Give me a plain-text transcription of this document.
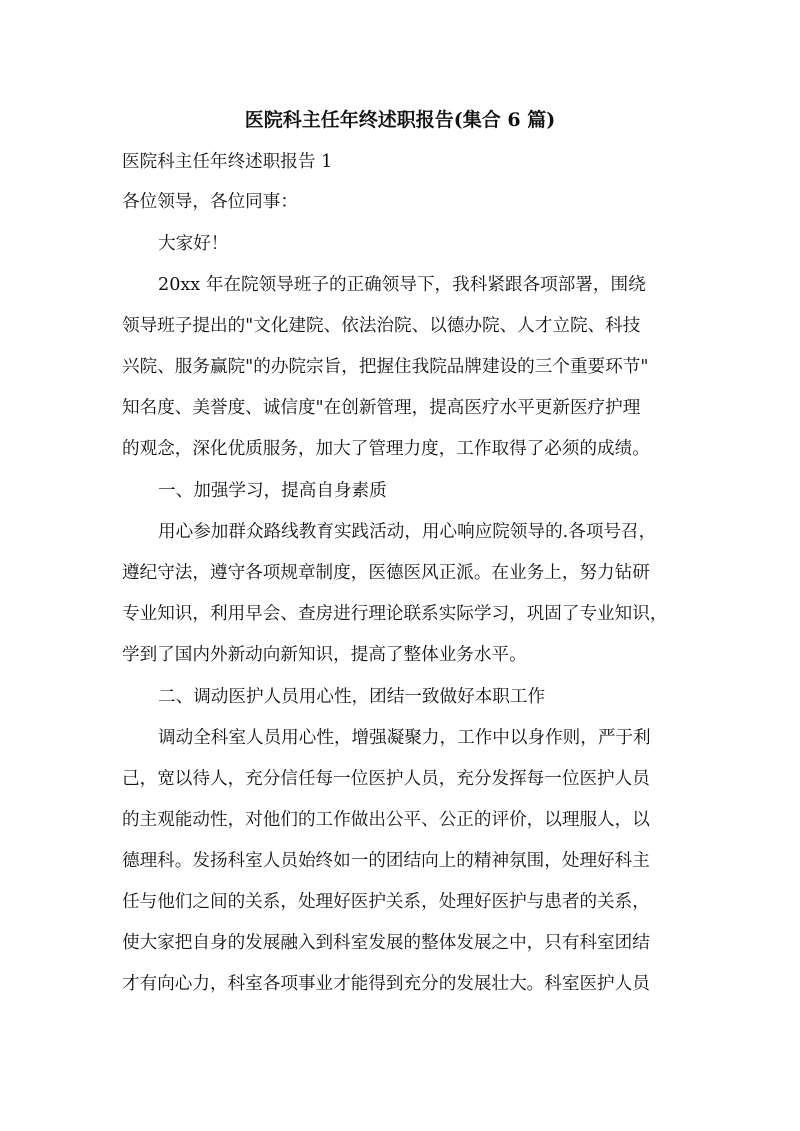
医院科主任年终述职报告(集合 6 篇)
医院科主任年终述职报告 1
各位领导，各位同事：
大家好！
20xx 年在院领导班子的正确领导下，我科紧跟各项部署，围绕
领导班子提出的"文化建院、依法治院、以德办院、人才立院、科技
兴院、服务赢院"的办院宗旨，把握住我院品牌建设的三个重要环节"
知名度、美誉度、诚信度"在创新管理，提高医疗水平更新医疗护理
的观念，深化优质服务，加大了管理力度，工作取得了必须的成绩。
一、加强学习，提高自身素质
用心参加群众路线教育实践活动，用心响应院领导的.各项号召，
遵纪守法，遵守各项规章制度，医德医风正派。在业务上，努力钻研
专业知识，利用早会、查房进行理论联系实际学习，巩固了专业知识，
学到了国内外新动向新知识，提高了整体业务水平。
二、调动医护人员用心性，团结一致做好本职工作
调动全科室人员用心性，增强凝聚力，工作中以身作则，严于利
己，宽以待人，充分信任每一位医护人员，充分发挥每一位医护人员
的主观能动性，对他们的工作做出公平、公正的评价，以理服人，以
德理科。发扬科室人员始终如一的团结向上的精神氛围，处理好科主
任与他们之间的关系，处理好医护关系，处理好医护与患者的关系，
使大家把自身的发展融入到科室发展的整体发展之中，只有科室团结
才有向心力，科室各项事业才能得到充分的发展壮大。科室医护人员
